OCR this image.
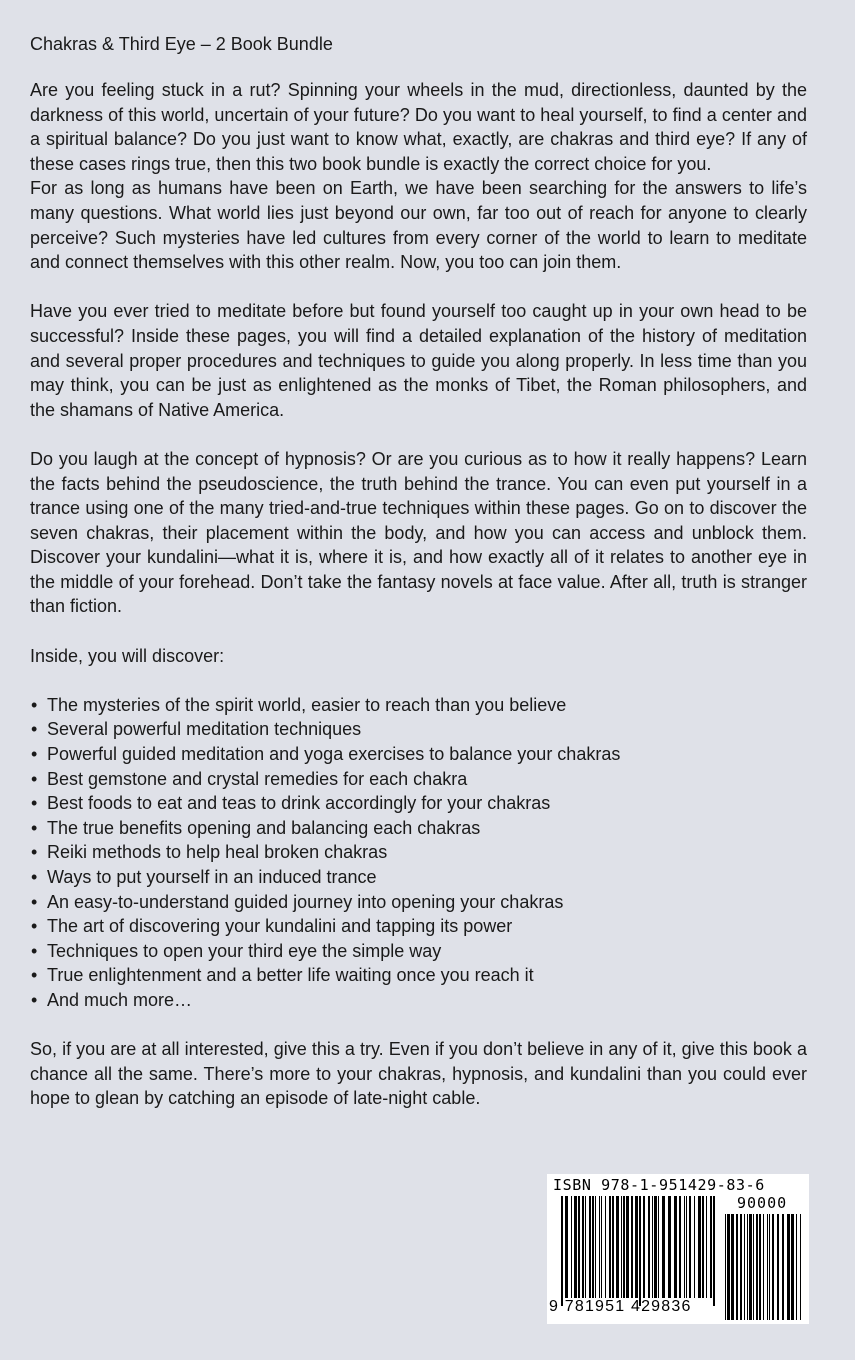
Chakras & Third Eye – 2 Book Bundle

Are you feeling stuck in a rut? Spinning your wheels in the mud, directionless, daunted by the darkness of this world, uncertain of your future? Do you want to heal yourself, to find a center and a spiritual balance? Do you just want to know what, exactly, are chakras and third eye? If any of these cases rings true, then this two book bundle is exactly the correct choice for you.

For as long as humans have been on Earth, we have been searching for the answers to life’s many questions. What world lies just beyond our own, far too out of reach for anyone to clearly perceive? Such mysteries have led cultures from every corner of the world to learn to meditate and connect themselves with this other realm. Now, you too can join them.

Have you ever tried to meditate before but found yourself too caught up in your own head to be successful? Inside these pages, you will find a detailed explanation of the history of meditation and several proper procedures and techniques to guide you along properly. In less time than you may think, you can be just as enlightened as the monks of Tibet, the Roman philosophers, and the shamans of Native America.

Do you laugh at the concept of hypnosis? Or are you curious as to how it really happens? Learn the facts behind the pseudoscience, the truth behind the trance. You can even put yourself in a trance using one of the many tried-and-true techniques within these pages. Go on to discover the seven chakras, their placement within the body, and how you can access and unblock them. Discover your kundalini—what it is, where it is, and how exactly all of it relates to another eye in the middle of your forehead. Don’t take the fantasy novels at face value. After all, truth is stranger than fiction.

Inside, you will discover:

• The mysteries of the spirit world, easier to reach than you believe
• Several powerful meditation techniques
• Powerful guided meditation and yoga exercises to balance your chakras
• Best gemstone and crystal remedies for each chakra
• Best foods to eat and teas to drink accordingly for your chakras
• The true benefits opening and balancing each chakras
• Reiki methods to help heal broken chakras
• Ways to put yourself in an induced trance
• An easy-to-understand guided journey into opening your chakras
• The art of discovering your kundalini and tapping its power
• Techniques to open your third eye the simple way
• True enlightenment and a better life waiting once you reach it
• And much more…

So, if you are at all interested, give this a try. Even if you don’t believe in any of it, give this book a chance all the same. There’s more to your chakras, hypnosis, and kundalini than you could ever hope to glean by catching an episode of late-night cable.

ISBN 978-1-951429-83-6
90000
9 781951 429836
